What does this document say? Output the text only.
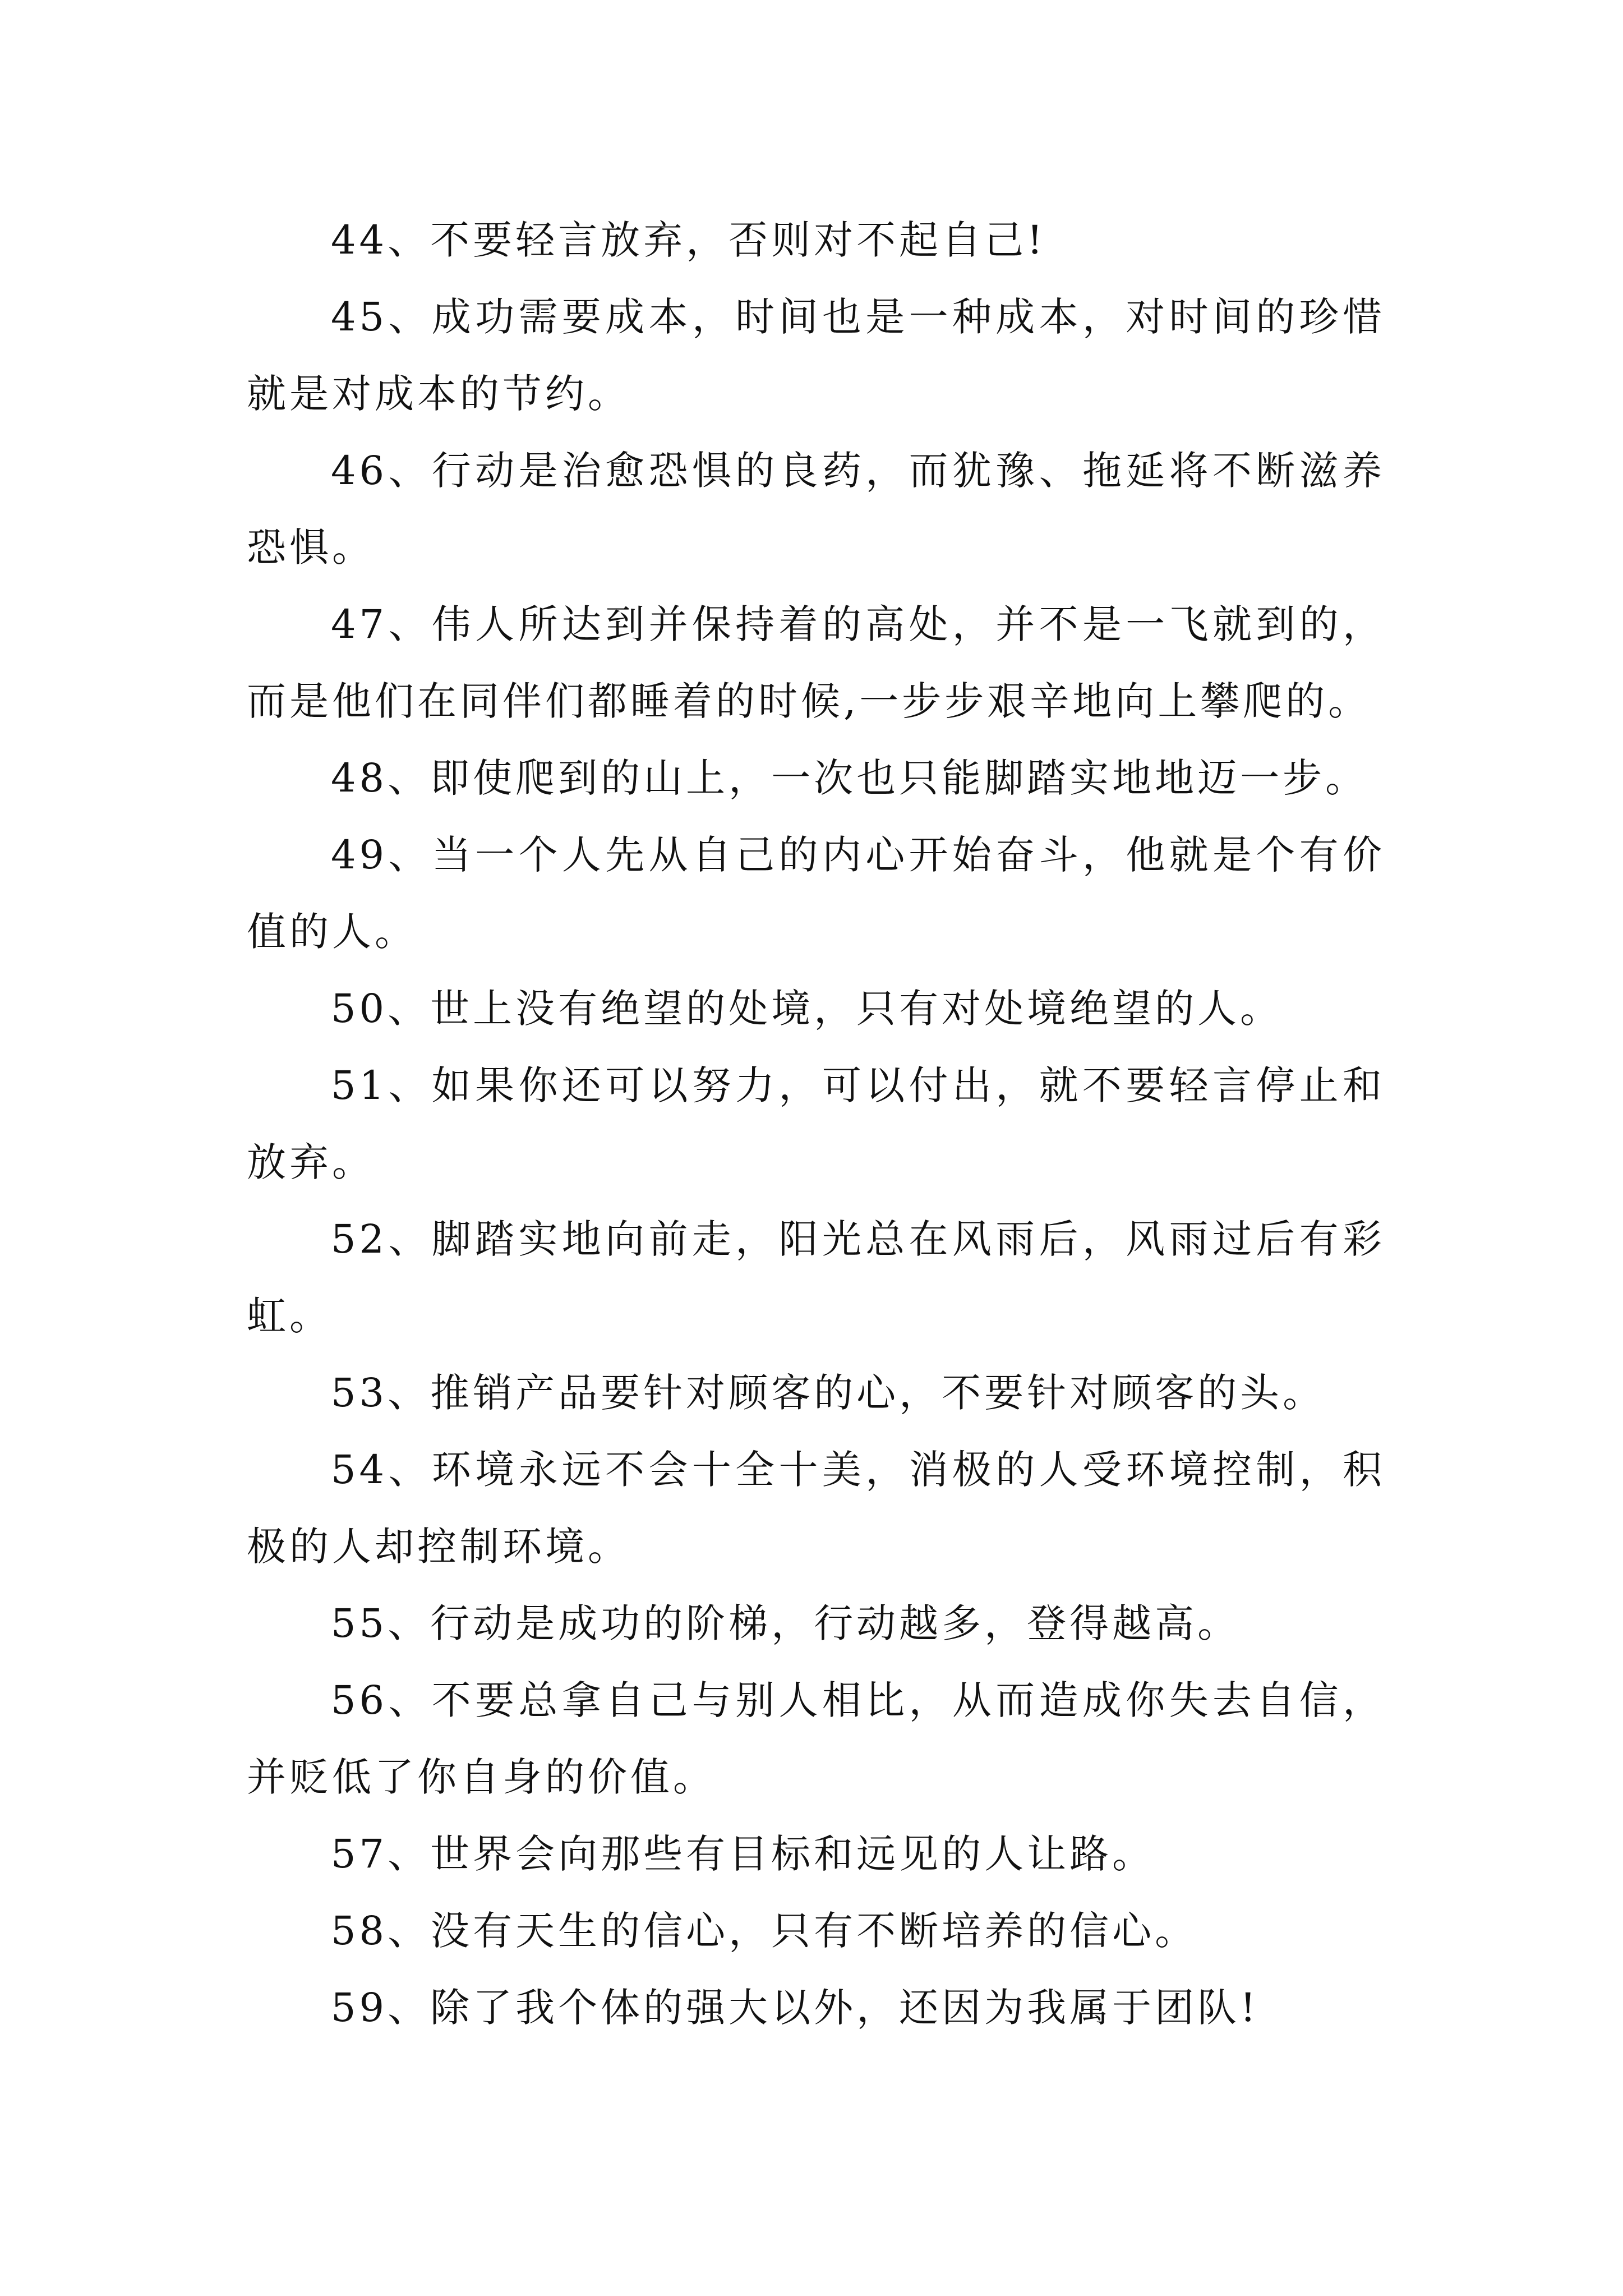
44、不要轻言放弃，否则对不起自己!

45、成功需要成本，时间也是一种成本，对时间的珍惜就是对成本的节约。

46、行动是治愈恐惧的良药，而犹豫、拖延将不断滋养恐惧。

47、伟人所达到并保持着的高处，并不是一飞就到的，而是他们在同伴们都睡着的时候,一步步艰辛地向上攀爬的。

48、即使爬到的山上，一次也只能脚踏实地地迈一步。

49、当一个人先从自己的内心开始奋斗，他就是个有价值的人。

50、世上没有绝望的处境，只有对处境绝望的人。

51、如果你还可以努力，可以付出，就不要轻言停止和放弃。

52、脚踏实地向前走，阳光总在风雨后，风雨过后有彩虹。

53、推销产品要针对顾客的心，不要针对顾客的头。

54、环境永远不会十全十美，消极的人受环境控制，积极的人却控制环境。

55、行动是成功的阶梯，行动越多，登得越高。

56、不要总拿自己与别人相比，从而造成你失去自信，并贬低了你自身的价值。

57、世界会向那些有目标和远见的人让路。

58、没有天生的信心，只有不断培养的信心。

59、除了我个体的强大以外，还因为我属于团队!
